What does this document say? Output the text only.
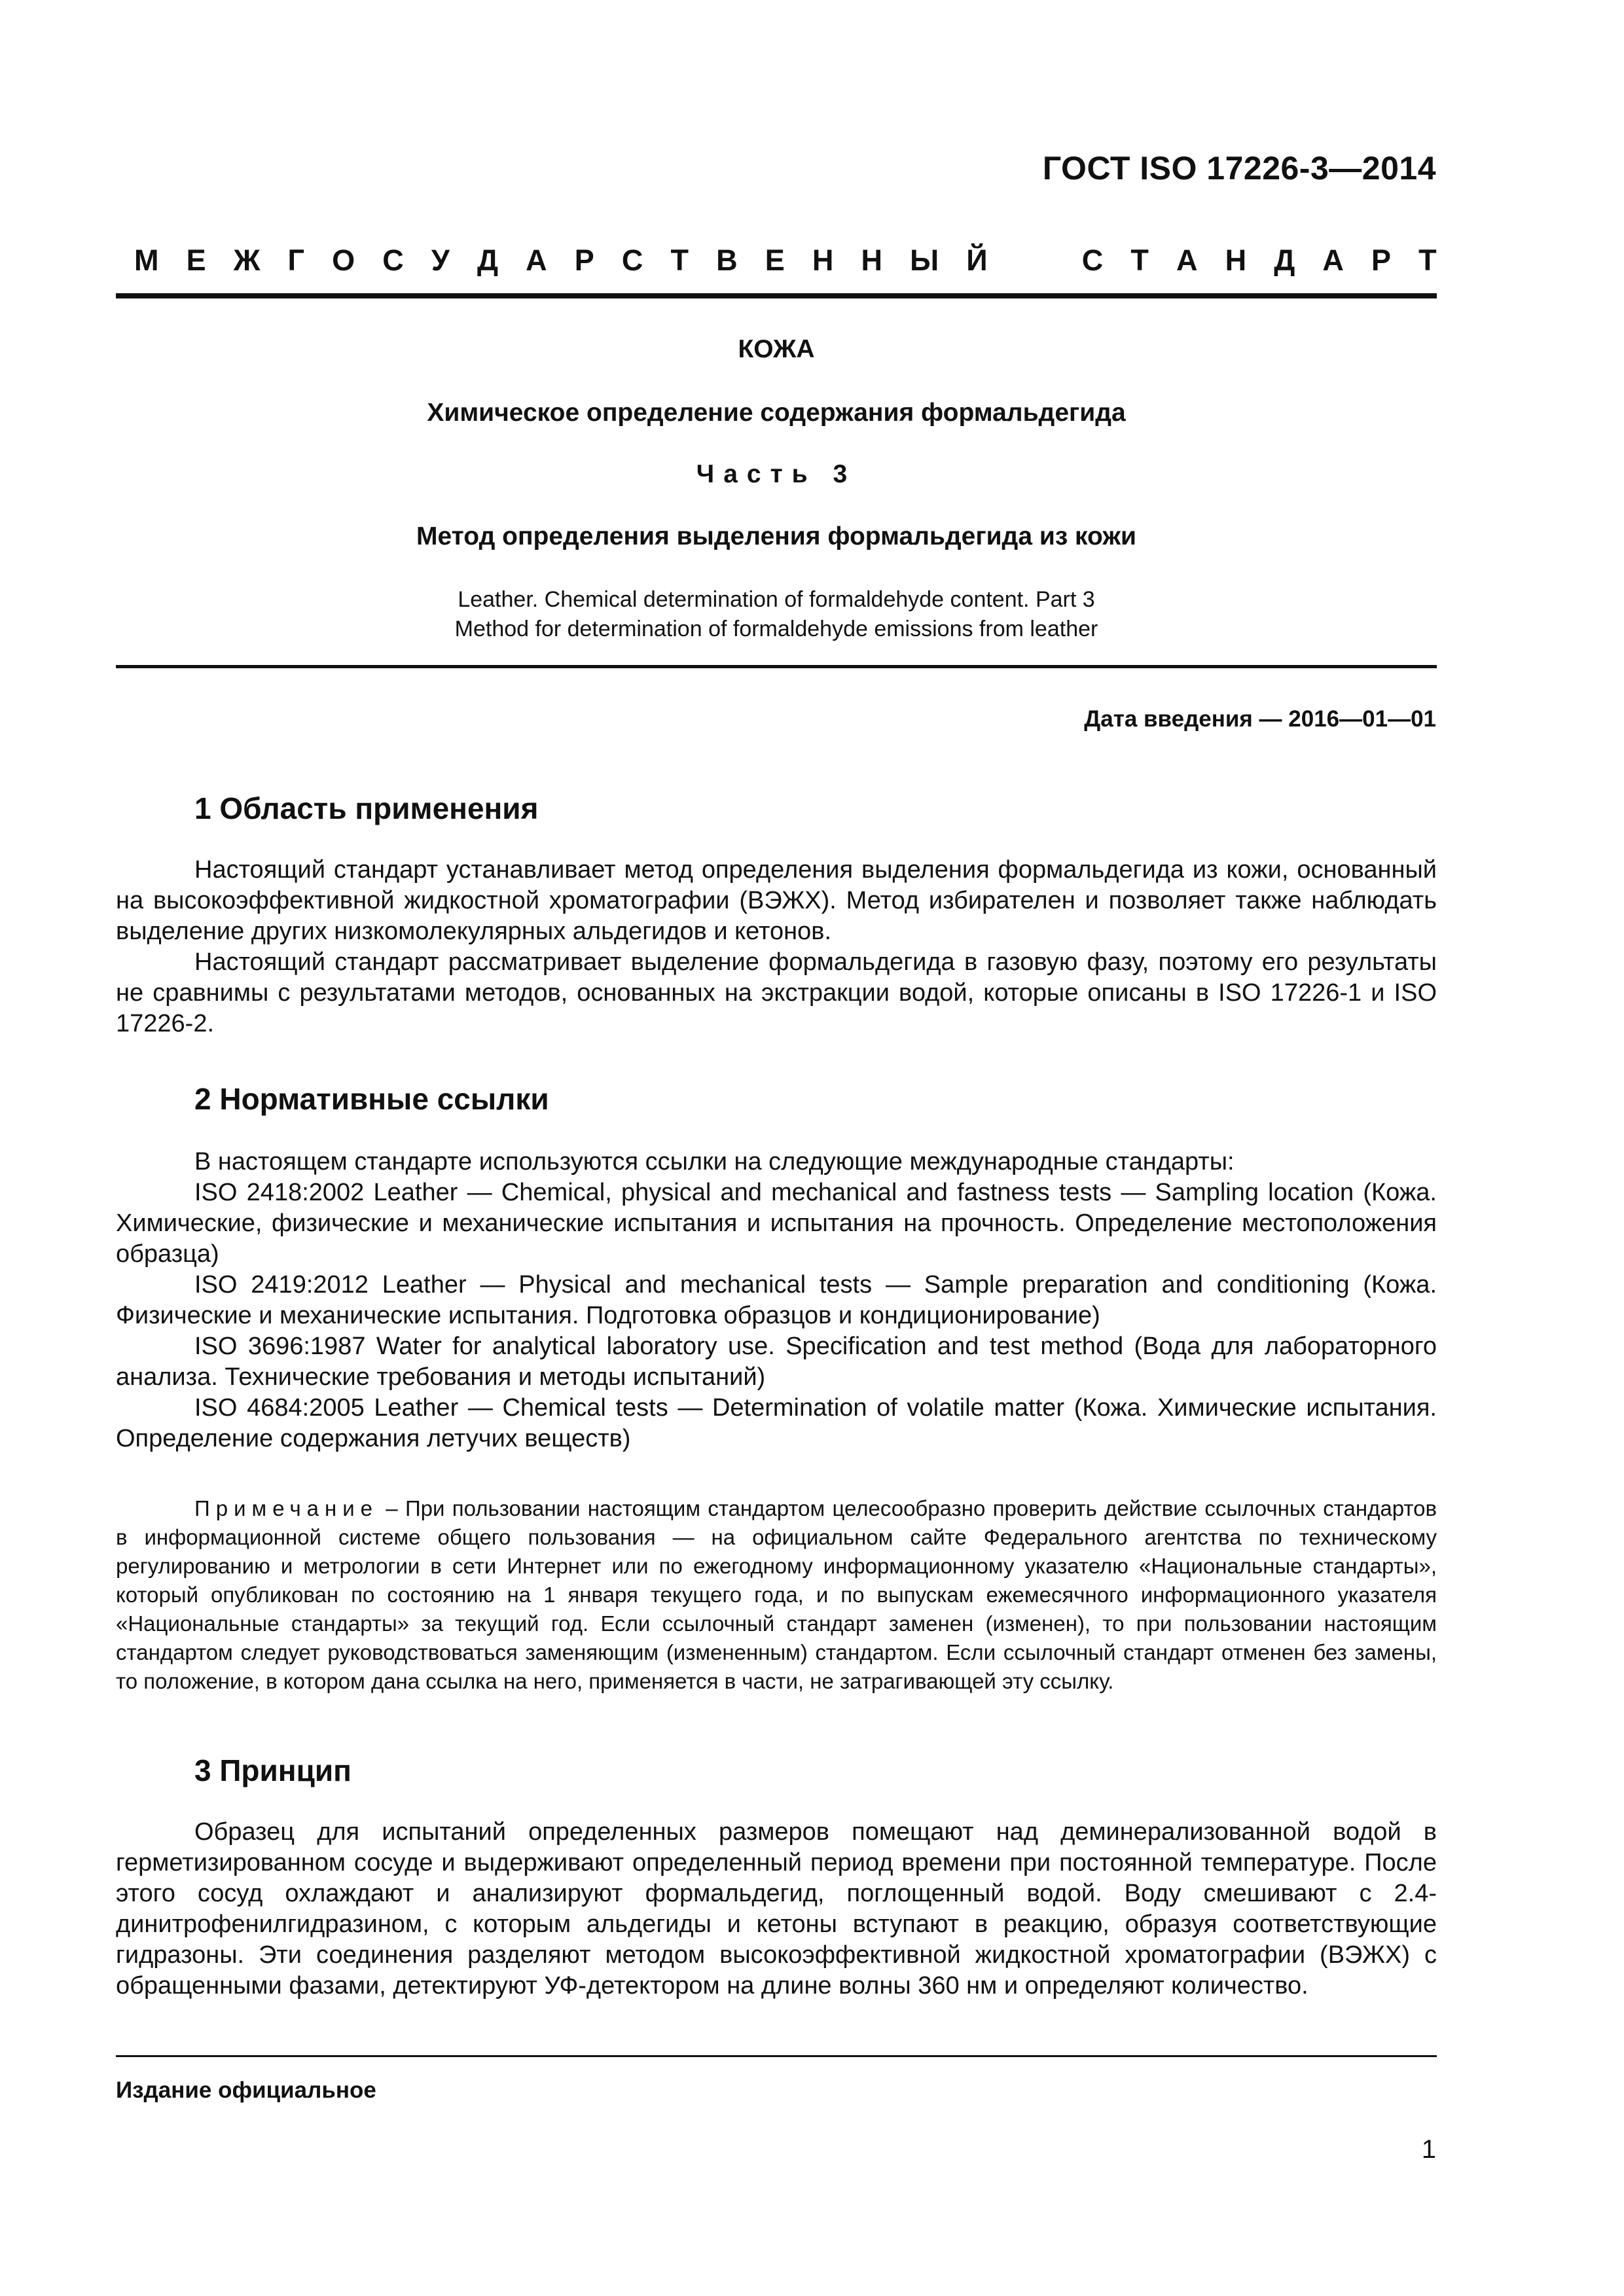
ГОСТ ISO 17226-3—2014
М Е Ж Г О С У Д А Р С Т В Е Н Н Ы Й	С Т А Н Д А Р Т
КОЖА
Химическое определение содержания формальдегида
Часть 3
Метод определения выделения формальдегида из кожи
Leather. Chemical determination of formaldehyde content. Part 3
Method for determination of formaldehyde emissions from leather
Дата введения — 2016—01—01
1 Область применения

Настоящий стандарт устанавливает метод определения выделения формальдегида из кожи, основанный на высокоэффективной жидкостной хроматографии (ВЭЖХ). Метод избирателен и позволяет также наблюдать выделение других низкомолекулярных альдегидов и кетонов.

Настоящий стандарт рассматривает выделение формальдегида в газовую фазу, поэтому его результаты не сравнимы с результатами методов, основанных на экстракции водой, которые описаны в ISO 17226-1 и ISO 17226-2.

2 Нормативные ссылки

В настоящем стандарте используются ссылки на следующие международные стандарты:

ISO 2418:2002 Leather — Chemical, physical and mechanical and fastness tests — Sampling location (Кожа. Химические, физические и механические испытания и испытания на прочность. Определение местоположения образца)

ISO 2419:2012 Leather — Physical and mechanical tests — Sample preparation and conditioning (Кожа. Физические и механические испытания. Подготовка образцов и кондиционирование)

ISO 3696:1987 Water for analytical laboratory use. Specification and test method (Вода для лабораторного анализа. Технические требования и методы испытаний)

ISO 4684:2005 Leather — Chemical tests — Determination of volatile matter (Кожа. Химические испытания. Определение содержания летучих веществ)

Примечание – При пользовании настоящим стандартом целесообразно проверить действие ссылочных стандартов в информационной системе общего пользования — на официальном сайте Федерального агентства по техническому регулированию и метрологии в сети Интернет или по ежегодному информационному указателю «Национальные стандарты», который опубликован по состоянию на 1 января текущего года, и по выпускам ежемесячного информационного указателя «Национальные стандарты» за текущий год. Если ссылочный стандарт заменен (изменен), то при пользовании настоящим стандартом следует руководствоваться заменяющим (измененным) стандартом. Если ссылочный стандарт отменен без замены, то положение, в котором дана ссылка на него, применяется в части, не затрагивающей эту ссылку.

3 Принцип

Образец для испытаний определенных размеров помещают над деминерализованной водой в герметизированном сосуде и выдерживают определенный период времени при постоянной температуре. После этого сосуд охлаждают и анализируют формальдегид, поглощенный водой. Воду смешивают с 2.4-динитрофенилгидразином, с которым альдегиды и кетоны вступают в реакцию, образуя соответствующие гидразоны. Эти соединения разделяют методом высокоэффективной жидкостной хроматографии (ВЭЖХ) с обращенными фазами, детектируют УФ-детектором на длине волны 360 нм и определяют количество.

Издание официальное
1
